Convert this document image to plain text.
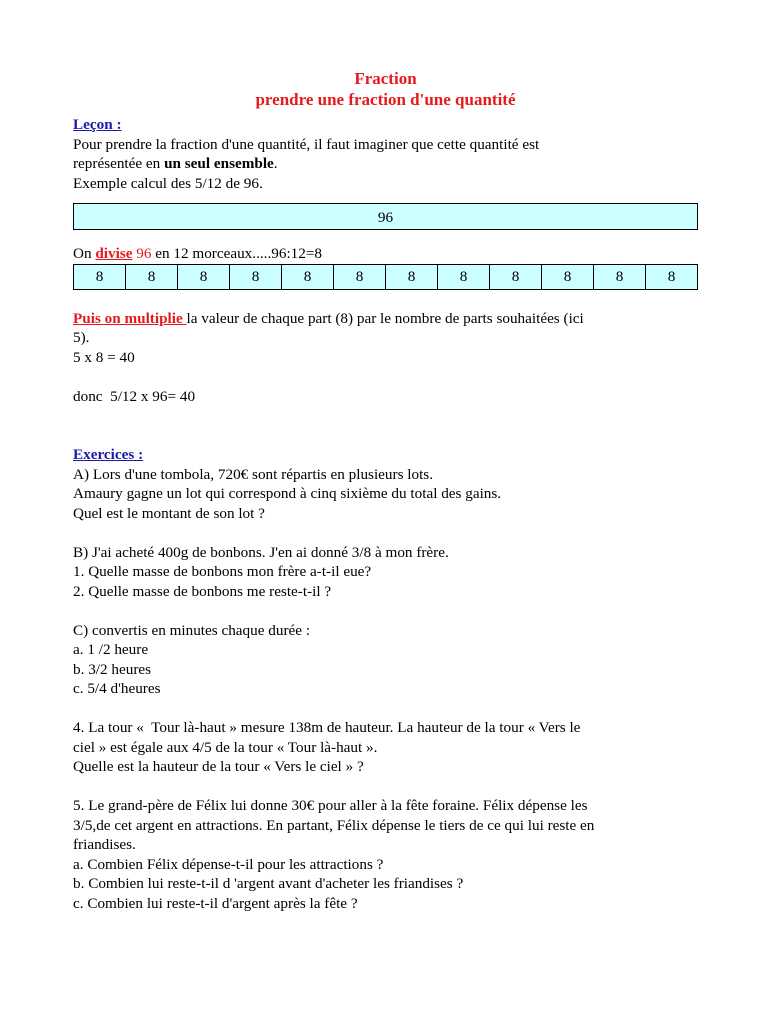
Fraction
prendre une fraction d'une quantité
Leçon :
Pour prendre la fraction d'une quantité, il faut imaginer que cette quantité est
représentée en un seul ensemble.
Exemple calcul des 5/12 de 96.
96
On divise 96 en 12 morceaux.....96:12=8
8	8	8	8	8	8	8	8	8	8	8	8
Puis on multiplie la valeur de chaque part (8) par le nombre de parts souhaitées (ici
5).
5 x 8 = 40
donc  5/12 x 96= 40
Exercices :
A) Lors d'une tombola, 720€ sont répartis en plusieurs lots.
Amaury gagne un lot qui correspond à cinq sixième du total des gains.
Quel est le montant de son lot ?
B) J'ai acheté 400g de bonbons. J'en ai donné 3/8 à mon frère.
1. Quelle masse de bonbons mon frère a-t-il eue?
2. Quelle masse de bonbons me reste-t-il ?
C) convertis en minutes chaque durée :
a. 1 /2 heure
b. 3/2 heures
c. 5/4 d'heures
4. La tour «  Tour là-haut » mesure 138m de hauteur. La hauteur de la tour « Vers le
ciel » est égale aux 4/5 de la tour « Tour là-haut ».
Quelle est la hauteur de la tour « Vers le ciel » ?
5. Le grand-père de Félix lui donne 30€ pour aller à la fête foraine. Félix dépense les
3/5,de cet argent en attractions. En partant, Félix dépense le tiers de ce qui lui reste en
friandises.
a. Combien Félix dépense-t-il pour les attractions ?
b. Combien lui reste-t-il d 'argent avant d'acheter les friandises ?
c. Combien lui reste-t-il d'argent après la fête ?
